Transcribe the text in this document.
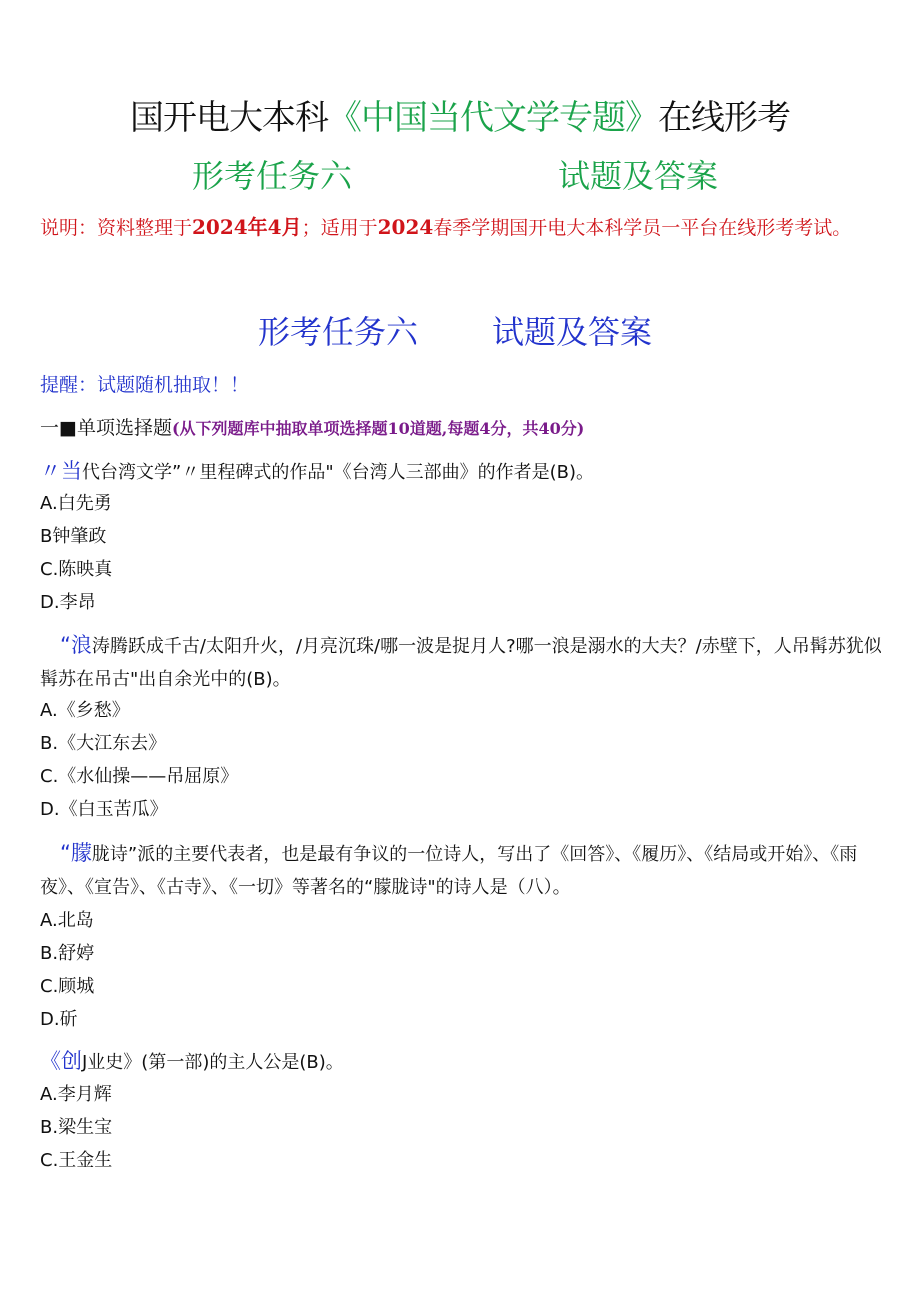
国开电大本科《中国当代文学专题》在线形考
形考任务六	试题及答案
说明：资料整理于2024年4月；适用于2024春季学期国开电大本科学员一平台在线形考考试。
形考任务六 试题及答案
提醒：试题随机抽取！！
一■单项选择题(从下列题库中抽取单项选择题10道题,每题4分，共40分)
〃当代台湾文学”〃里程碑式的作品"《台湾人三部曲》的作者是(B)。
A.白先勇
B钟肇政
C.陈映真
D.李昂
“浪涛腾跃成千古/太阳升火，/月亮沉珠/哪一波是捉月人?哪一浪是溺水的大夫？/赤壁下，人吊髯苏犹似髯苏在吊古"出自余光中的(B)。
A.《乡愁》
B.《大江东去》
C.《水仙操——吊屈原》
D.《白玉苦瓜》
“朦胧诗”派的主要代表者，也是最有争议的一位诗人，写出了《回答》、《履历》、《结局或开始》、《雨夜》、《宣告》、《古寺》、《一切》等著名的“朦胧诗"的诗人是（八）。
A.北岛
B.舒婷
C.顾城
D.斫
《创J业史》(第一部)的主人公是(B)。
A.李月辉
B.梁生宝
C.王金生
